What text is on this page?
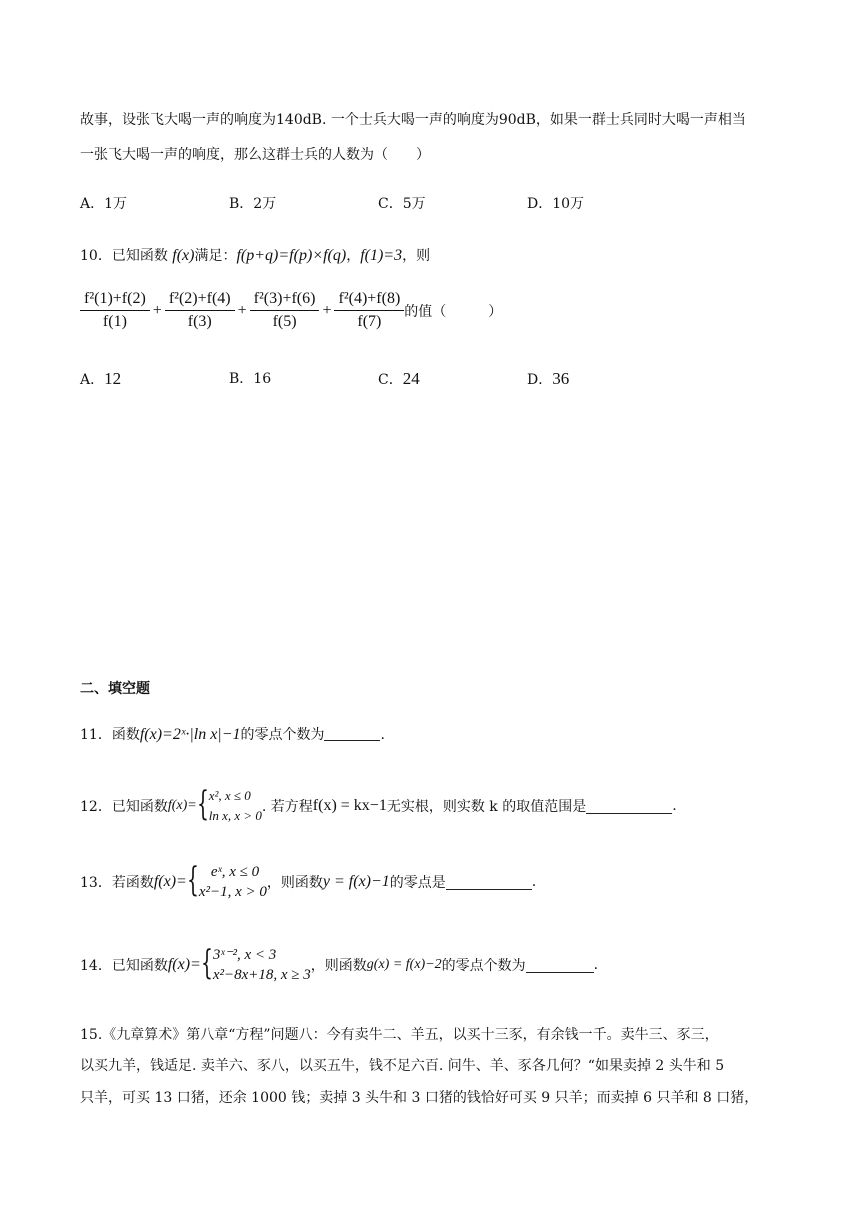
故事，设张飞大喝一声的响度为140dB. 一个士兵大喝一声的响度为90dB，如果一群士兵同时大喝一声相当
一张飞大喝一声的响度，那么这群士兵的人数为（　　）
A．1万	B．2万	C．5万	D．10万
10．已知函数 f(x)满足：f(p+q)=f(p)×f(q)，f(1)=3，则
$\frac{\text{f²(1)+f(2)}}{f(1)} + \frac{\text{f²(2)+f(4)}}{f(3)} + \frac{\text{f²(3)+f(6)}}{f(5)} + \frac{\text{f²(4)+f(8)}}{f(7)}$ 的值（　　　）
A．12	B．16	C．24	D．36
二、填空题
11．函数f(x)=2ˣ·|ln x|−1的零点个数为	.
12．已知函数f(x)= { x², x ≤ 0
ln x, x > 0
. 若方程f(x) = kx−1无实根，则实数 k 的取值范围是	.
13．若函数f(x)= { eˣ, x ≤ 0
x²−1, x > 0
，则函数y = f(x)−1的零点是	.
14．已知函数f(x)= { 3ˣ⁻², x < 3
x²−8x+18, x ≥ 3
，则函数g(x) = f(x)−2的零点个数为	.
15.《九章算术》第八章“方程”问题八：今有卖牛二、羊五，以买十三豕，有余钱一千。卖牛三、豕三，
以买九羊，钱适足. 卖羊六、豕八，以买五牛，钱不足六百. 问牛、羊、豕各几何？“如果卖掉 2 头牛和 5
只羊，可买 13 口猪，还余 1000 钱；卖掉 3 头牛和 3 口猪的钱恰好可买 9 只羊；而卖掉 6 只羊和 8 口猪，
